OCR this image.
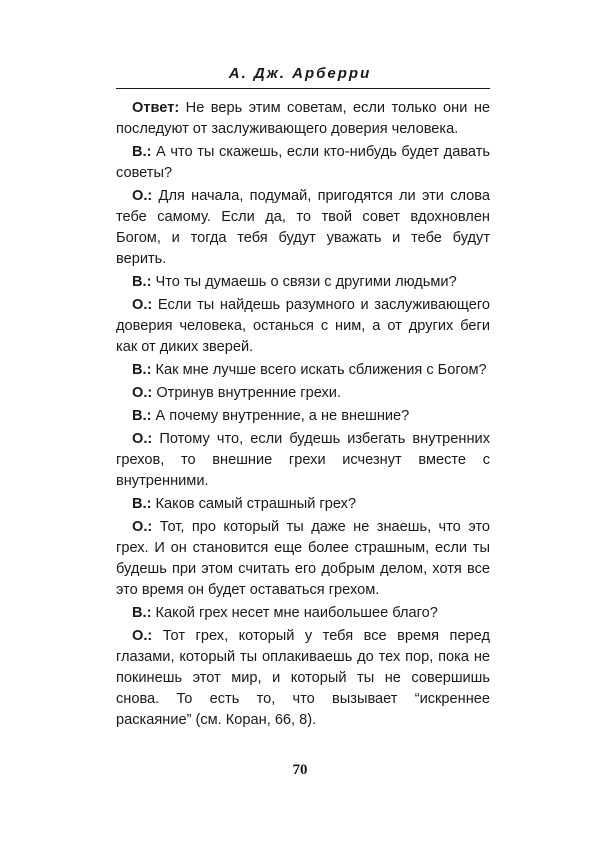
А. Дж. Арберри

Ответ: Не верь этим советам, если только они не последуют от заслуживающего доверия человека.

В.: А что ты скажешь, если кто-нибудь будет давать советы?

О.: Для начала, подумай, пригодятся ли эти слова тебе самому. Если да, то твой совет вдохновлен Богом, и тогда тебя будут уважать и тебе будут верить.

В.: Что ты думаешь о связи с другими людьми?

О.: Если ты найдешь разумного и заслуживающего доверия человека, останься с ним, а от других беги как от диких зверей.

В.: Как мне лучше всего искать сближения с Богом?

О.: Отринув внутренние грехи.

В.: А почему внутренние, а не внешние?

О.: Потому что, если будешь избегать внутренних грехов, то внешние грехи исчезнут вместе с внутренними.

В.: Каков самый страшный грех?

О.: Тот, про который ты даже не знаешь, что это грех. И он становится еще более страшным, если ты будешь при этом считать его добрым делом, хотя все это время он будет оставаться грехом.

В.: Какой грех несет мне наибольшее благо?

О.: Тот грех, который у тебя все время перед глазами, который ты оплакиваешь до тех пор, пока не покинешь этот мир, и который ты не совершишь снова. То есть то, что вызывает “искреннее раскаяние” (см. Коран, 66, 8).

70
